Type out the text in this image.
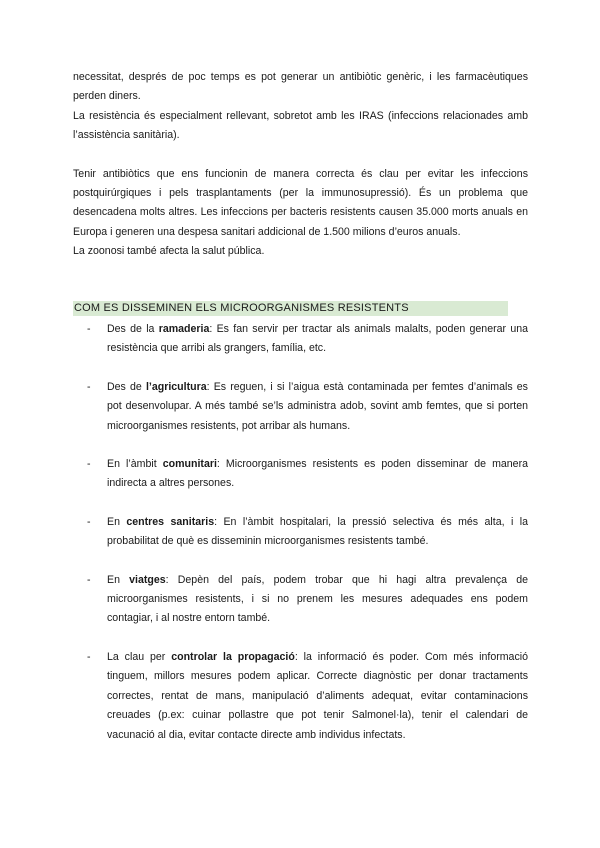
necessitat, després de poc temps es pot generar un antibiòtic genèric, i les farmacèutiques perden diners.

La resistència és especialment rellevant, sobretot amb les IRAS (infeccions relacionades amb l’assistència sanitària).

Tenir antibiòtics que ens funcionin de manera correcta és clau per evitar les infeccions postquirúrgiques i pels trasplantaments (per la immunosupressió). És un problema que desencadena molts altres. Les infeccions per bacteris resistents causen 35.000 morts anuals en Europa i generen una despesa sanitari addicional de 1.500 milions d’euros anuals.

La zoonosi també afecta la salut pública.

COM ES DISSEMINEN ELS MICROORGANISMES RESISTENTS
- Des de la ramaderia: Es fan servir per tractar als animals malalts, poden generar una resistència que arribi als grangers, família, etc.
- Des de l’agricultura: Es reguen, i si l’aigua està contaminada per femtes d’animals es pot desenvolupar. A més també se’ls administra adob, sovint amb femtes, que si porten microorganismes resistents, pot arribar als humans.
- En l’àmbit comunitari: Microorganismes resistents es poden disseminar de manera indirecta a altres persones.
- En centres sanitaris: En l’àmbit hospitalari, la pressió selectiva és més alta, i la probabilitat de què es disseminin microorganismes resistents també.
- En viatges: Depèn del país, podem trobar que hi hagi altra prevalença de microorganismes resistents, i si no prenem les mesures adequades ens podem contagiar, i al nostre entorn també.
- La clau per controlar la propagació: la informació és poder. Com més informació tinguem, millors mesures podem aplicar. Correcte diagnòstic per donar tractaments correctes, rentat de mans, manipulació d’aliments adequat, evitar contaminacions creuades (p.ex: cuinar pollastre que pot tenir Salmonel·la), tenir el calendari de vacunació al dia, evitar contacte directe amb individus infectats.
